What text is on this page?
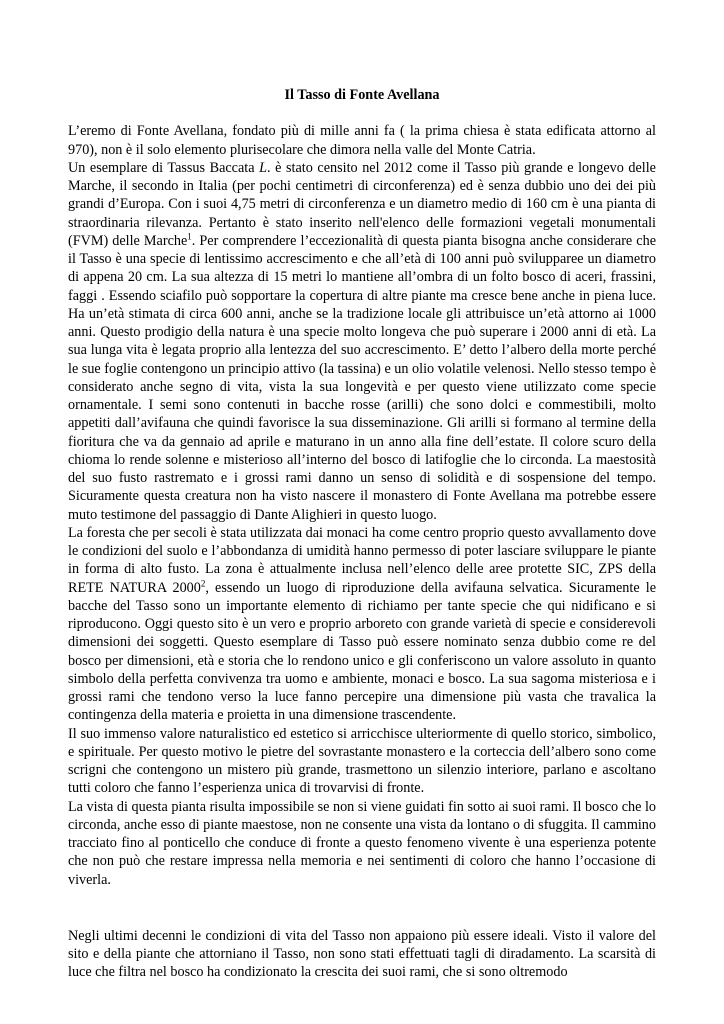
Il Tasso di Fonte Avellana

L’eremo di Fonte Avellana, fondato più di mille anni fa ( la prima chiesa è stata edificata attorno al 970), non è il solo elemento plurisecolare che dimora nella valle del Monte Catria.

Un esemplare di Tassus Baccata L. è stato censito nel 2012 come il Tasso più grande e longevo delle Marche, il secondo in Italia (per pochi centimetri di circonferenza) ed è senza dubbio uno dei dei più grandi d’Europa. Con i suoi 4,75 metri di circonferenza e un diametro medio di 160 cm è una pianta di straordinaria rilevanza. Pertanto è stato inserito nell'elenco delle formazioni vegetali monumentali (FVM) delle Marche$^1$. Per comprendere l’eccezionalità di questa pianta bisogna anche considerare che il Tasso è una specie di lentissimo accrescimento e che all’età di 100 anni può svilupparee un diametro di appena 20 cm. La sua altezza di 15 metri lo mantiene all’ombra di un folto bosco di aceri, frassini, faggi . Essendo sciafilo può sopportare la copertura di altre piante ma cresce bene anche in piena luce. Ha un’età stimata di circa 600 anni, anche se la tradizione locale gli attribuisce un’età attorno ai 1000 anni. Questo prodigio della natura è una specie molto longeva che può superare i 2000 anni di età. La sua lunga vita è legata proprio alla lentezza del suo accrescimento. E’ detto l’albero della morte perché le sue foglie contengono un principio attivo (la tassina) e un olio volatile velenosi. Nello stesso tempo è considerato anche segno di vita, vista la sua longevità e per questo viene utilizzato come specie ornamentale. I semi sono contenuti in bacche rosse (arilli) che sono dolci e commestibili, molto appetiti dall’avifauna che quindi favorisce la sua disseminazione. Gli arilli si formano al termine della fioritura che va da gennaio ad aprile e maturano in un anno alla fine dell’estate. Il colore scuro della chioma lo rende solenne e misterioso all’interno del bosco di latifoglie che lo circonda. La maestosità del suo fusto rastremato e i grossi rami danno un senso di solidità e di sospensione del tempo. Sicuramente questa creatura non ha visto nascere il monastero di Fonte Avellana ma potrebbe essere muto testimone del passaggio di Dante Alighieri in questo luogo.

La foresta che per secoli è stata utilizzata dai monaci ha come centro proprio questo avvallamento dove le condizioni del suolo e l’abbondanza di umidità hanno permesso di poter lasciare sviluppare le piante in forma di alto fusto. La zona è attualmente inclusa nell’elenco delle aree protette SIC, ZPS della RETE NATURA 2000$^2$, essendo un luogo di riproduzione della avifauna selvatica. Sicuramente le bacche del Tasso sono un importante elemento di richiamo per tante specie che qui nidificano e si riproducono. Oggi questo sito è un vero e proprio arboreto con grande varietà di specie e considerevoli dimensioni dei soggetti. Questo esemplare di Tasso può essere nominato senza dubbio come re del bosco per dimensioni, età e storia che lo rendono unico e gli conferiscono un valore assoluto in quanto simbolo della perfetta convivenza tra uomo e ambiente, monaci e bosco. La sua sagoma misteriosa e i grossi rami che tendono verso la luce fanno percepire una dimensione più vasta che travalica la contingenza della materia e proietta in una dimensione trascendente.

Il suo immenso valore naturalistico ed estetico si arricchisce ulteriormente di quello storico, simbolico, e spirituale. Per questo motivo le pietre del sovrastante monastero e la corteccia dell’albero sono come scrigni che contengono un mistero più grande, trasmettono un silenzio interiore, parlano e ascoltano tutti coloro che fanno l’esperienza unica di trovarvisi di fronte.

La vista di questa pianta risulta impossibile se non si viene guidati fin sotto ai suoi rami. Il bosco che lo circonda, anche esso di piante maestose, non ne consente una vista da lontano o di sfuggita. Il cammino tracciato fino al ponticello che conduce di fronte a questo fenomeno vivente è una esperienza potente che non può che restare impressa nella memoria e nei sentimenti di coloro che hanno l’occasione di viverla.

Negli ultimi decenni le condizioni di vita del Tasso non appaiono più essere ideali. Visto il valore del sito e della piante che attorniano il Tasso, non sono stati effettuati tagli di diradamento. La scarsità di luce che filtra nel bosco ha condizionato la crescita dei suoi rami, che si sono oltremodo
